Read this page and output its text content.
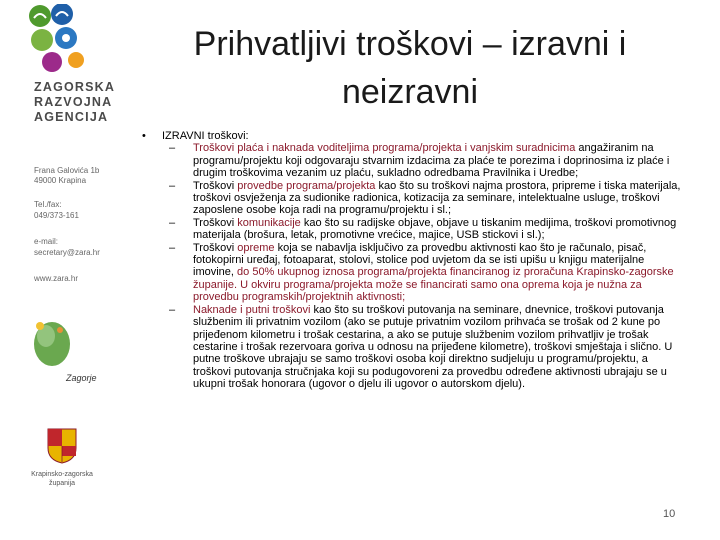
ZAGORSKA
RAZVOJNA
AGENCIJA
Frana Galovića 1b
49000 Krapina
Tel./fax:
049/373-161
e-mail:
secretary@zara.hr
www.zara.hr
Zagorje
Krapinsko-zagorska
županija
Prihvatljivi troškovi – izravni i neizravni
• IZRAVNI troškovi:
– Troškovi plaća i naknada voditeljima programa/projekta i vanjskim suradnicima angažiranim na programu/projektu koji odgovaraju stvarnim izdacima za plaće te porezima i doprinosima iz plaće i drugim troškovima vezanim uz plaću, sukladno odredbama Pravilnika i Uredbe;
– Troškovi provedbe programa/projekta kao što su troškovi najma prostora, pripreme i tiska materijala, troškovi osvježenja za sudionike radionica, kotizacija za seminare, intelektualne usluge, troškovi zaposlene osobe koja radi na programu/projektu i sl.;
– Troškovi komunikacije kao što su radijske objave, objave u tiskanim medijima, troškovi promotivnog materijala (brošura, letak, promotivne vrećice, majice, USB stickovi i sl.);
– Troškovi opreme koja se nabavlja isključivo za provedbu aktivnosti kao što je računalo, pisač, fotokopirni uređaj, fotoaparat, stolovi, stolice pod uvjetom da se isti upišu u knjigu materijalne imovine, do 50% ukupnog iznosa programa/projekta financiranog iz proračuna Krapinsko-zagorske županije. U okviru programa/projekta može se financirati samo ona oprema koja je nužna za provedbu programskih/projektnih aktivnosti;
– Naknade i putni troškovi kao što su troškovi putovanja na seminare, dnevnice, troškovi putovanja službenim ili privatnim vozilom (ako se putuje privatnim vozilom prihvaća se trošak od 2 kune po prijeđenom kilometru i trošak cestarina, a ako se putuje službenim vozilom prihvatljiv je trošak cestarine i trošak rezervoara goriva u odnosu na prijeđene kilometre), troškovi smještaja i slično. U putne troškove ubrajaju se samo troškovi osoba koji direktno sudjeluju u programu/projektu, a troškovi putovanja stručnjaka koji su podugovoreni za provedbu određene aktivnosti ubrajaju se u ukupni trošak honorara (ugovor o djelu ili ugovor o autorskom djelu).
10
